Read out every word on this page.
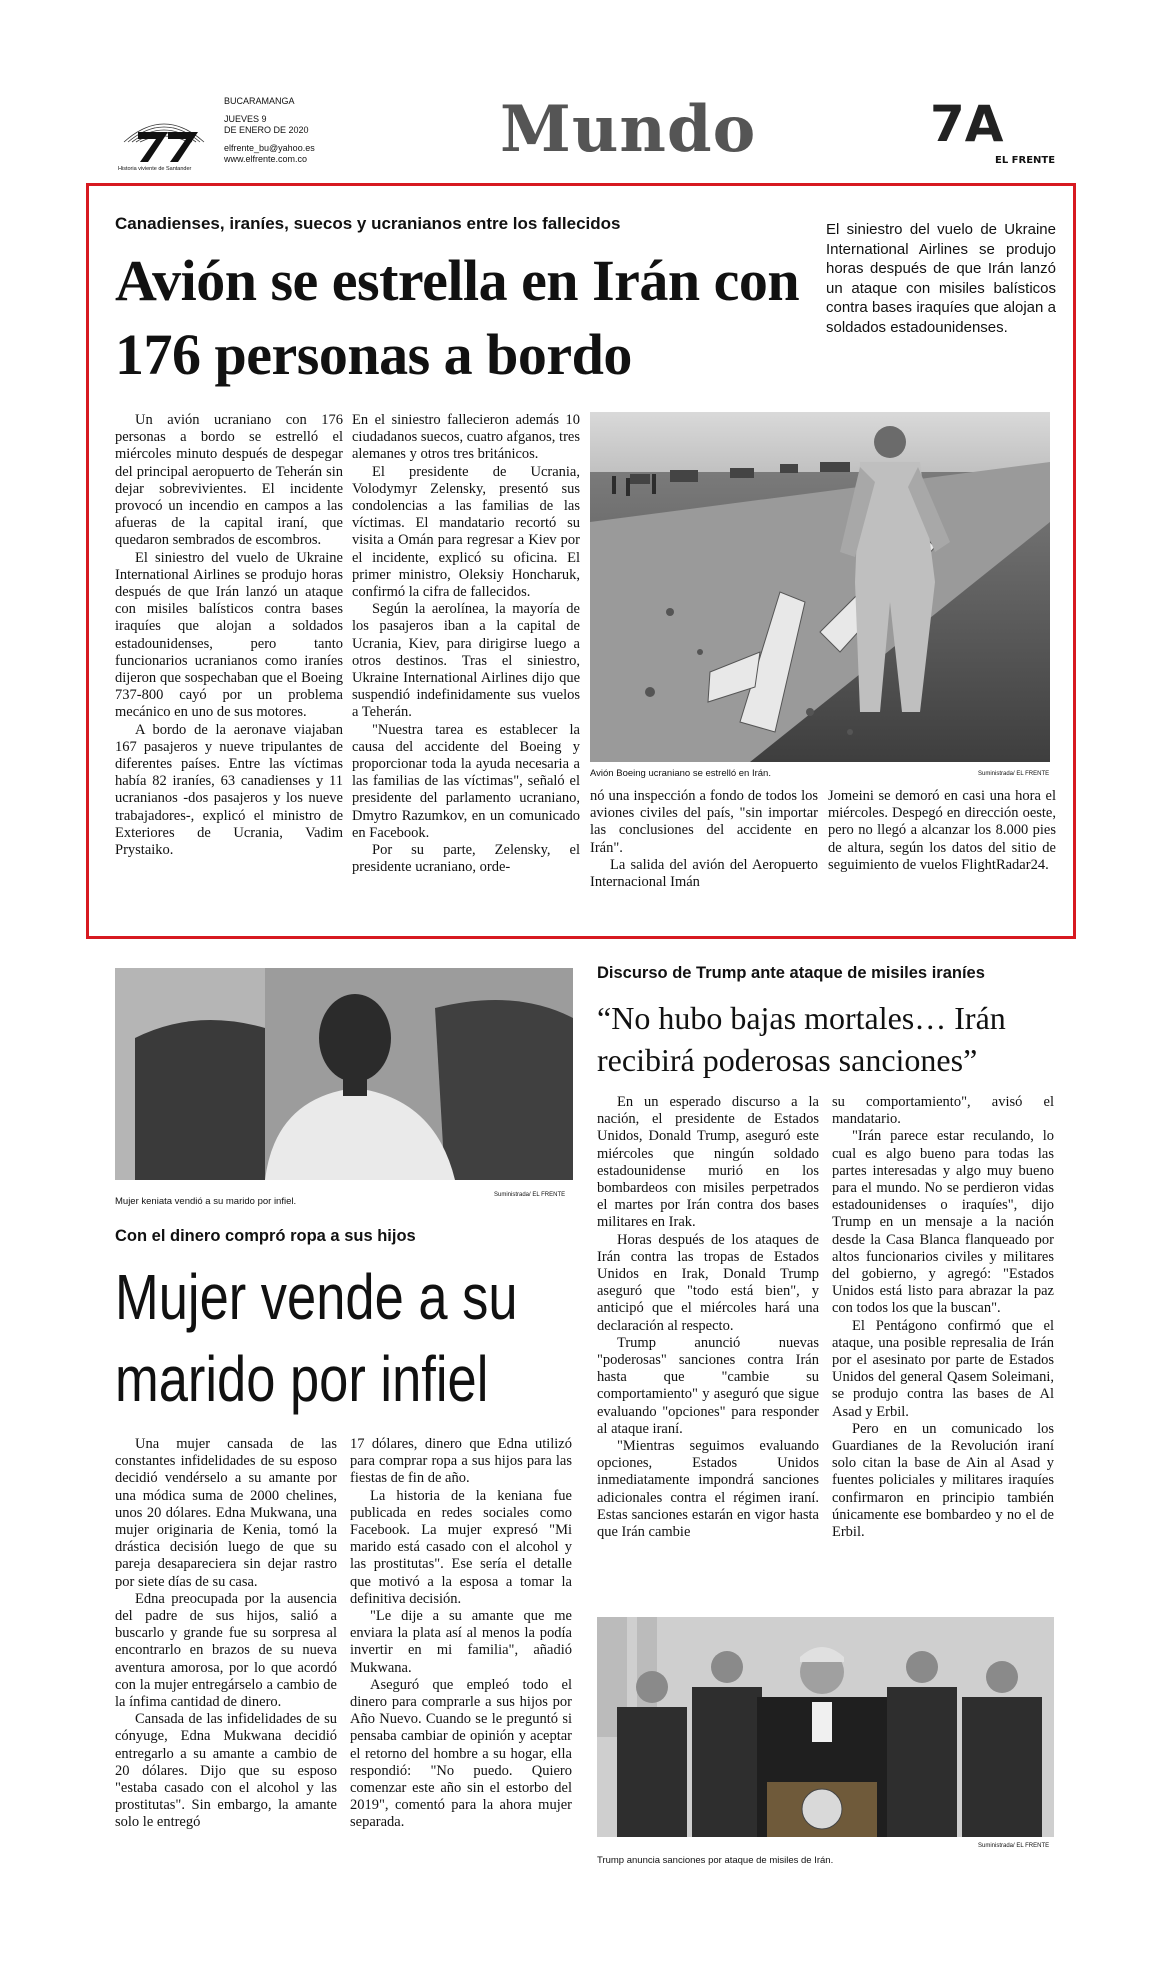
Historia viviente de Santander
BUCARAMANGA
JUEVES 9
DE ENERO DE 2020
elfrente_bu@yahoo.es
www.elfrente.com.co	Mundo	7A
EL FRENTE
Canadienses, iraníes, suecos y ucranianos entre los fallecidos
Avión se estrella en Irán con 176 personas a bordo
El siniestro del vuelo de Ukraine International Airlines se produjo horas después de que Irán lanzó un ataque con misiles balísticos contra bases iraquíes que alojan a soldados estadounidenses.

Un avión ucraniano con 176 personas a bordo se estrelló el miércoles minuto después de despegar del principal aeropuerto de Teherán sin dejar sobrevivientes. El incidente provocó un incendio en campos a las afueras de la capital iraní, que quedaron sembrados de escombros.

El siniestro del vuelo de Ukraine International Airlines se produjo horas después de que Irán lanzó un ataque con misiles balísticos contra bases iraquíes que alojan a soldados estadounidenses, pero tanto funcionarios ucranianos como iraníes dijeron que sospechaban que el Boeing 737-800 cayó por un problema mecánico en uno de sus motores.

A bordo de la aeronave viajaban 167 pasajeros y nueve tripulantes de diferentes países. Entre las víctimas había 82 iraníes, 63 canadienses y 11 ucranianos -dos pasajeros y los nueve trabajadores-, explicó el ministro de Exteriores de Ucrania, Vadim Prystaiko.

En el siniestro fallecieron además 10 ciudadanos suecos, cuatro afganos, tres alemanes y otros tres británicos.

El presidente de Ucrania, Volodymyr Zelensky, presentó sus condolencias a las familias de las víctimas. El mandatario recortó su visita a Omán para regresar a Kiev por el incidente, explicó su oficina. El primer ministro, Oleksiy Honcharuk, confirmó la cifra de fallecidos.

Según la aerolínea, la mayoría de los pasajeros iban a la capital de Ucrania, Kiev, para dirigirse luego a otros destinos. Tras el siniestro, Ukraine International Airlines dijo que suspendió indefinidamente sus vuelos a Teherán.

"Nuestra tarea es establecer la causa del accidente del Boeing y proporcionar toda la ayuda necesaria a las familias de las víctimas", señaló el presidente del parlamento ucraniano, Dmytro Razumkov, en un comunicado en Facebook.

Por su parte, Zelensky, el presidente ucraniano, orde-

Avión Boeing ucraniano se estrelló en Irán.	Suministrada/ EL FRENTE

nó una inspección a fondo de todos los aviones civiles del país, "sin importar las conclusiones del accidente en Irán".

La salida del avión del Aeropuerto Internacional Imán

Jomeini se demoró en casi una hora el miércoles. Despegó en dirección oeste, pero no llegó a alcanzar los 8.000 pies de altura, según los datos del sitio de seguimiento de vuelos FlightRadar24.

Mujer keniata vendió a su marido por infiel.
Suministrada/ EL FRENTE
Con el dinero compró ropa a sus hijos
Mujer vende a su marido por infiel

Una mujer cansada de las constantes infidelidades de su esposo decidió vendérselo a su amante por una módica suma de 2000 chelines, unos 20 dólares. Edna Mukwana, una mujer originaria de Kenia, tomó la drástica decisión luego de que su pareja desapareciera sin dejar rastro por siete días de su casa.

Edna preocupada por la ausencia del padre de sus hijos, salió a buscarlo y grande fue su sorpresa al encontrarlo en brazos de su nueva aventura amorosa, por lo que acordó con la mujer entregárselo a cambio de la ínfima cantidad de dinero.

Cansada de las infidelidades de su cónyuge, Edna Mukwana decidió entregarlo a su amante a cambio de 20 dólares. Dijo que su esposo "estaba casado con el alcohol y las prostitutas". Sin embargo, la amante solo le entregó

17 dólares, dinero que Edna utilizó para comprar ropa a sus hijos para las fiestas de fin de año.

La historia de la keniana fue publicada en redes sociales como Facebook. La mujer expresó "Mi marido está casado con el alcohol y las prostitutas". Ese sería el detalle que motivó a la esposa a tomar la definitiva decisión.

"Le dije a su amante que me enviara la plata así al menos la podía invertir en mi familia", añadió Mukwana.

Aseguró que empleó todo el dinero para comprarle a sus hijos por Año Nuevo. Cuando se le preguntó si pensaba cambiar de opinión y aceptar el retorno del hombre a su hogar, ella respondió: "No puedo. Quiero comenzar este año sin el estorbo del 2019", comentó para la ahora mujer separada.

Discurso de Trump ante ataque de misiles iraníes
“No hubo bajas mortales… Irán recibirá poderosas sanciones”

En un esperado discurso a la nación, el presidente de Estados Unidos, Donald Trump, aseguró este miércoles que ningún soldado estadounidense murió en los bombardeos con misiles perpetrados el martes por Irán contra dos bases militares en Irak.

Horas después de los ataques de Irán contra las tropas de Estados Unidos en Irak, Donald Trump aseguró que "todo está bien", y anticipó que el miércoles hará una declaración al respecto.

Trump anunció nuevas "poderosas" sanciones contra Irán hasta que "cambie su comportamiento" y aseguró que sigue evaluando "opciones" para responder al ataque iraní.

"Mientras seguimos evaluando opciones, Estados Unidos inmediatamente impondrá sanciones adicionales contra el régimen iraní. Estas sanciones estarán en vigor hasta que Irán cambie

su comportamiento", avisó el mandatario.

"Irán parece estar reculando, lo cual es algo bueno para todas las partes interesadas y algo muy bueno para el mundo. No se perdieron vidas estadounidenses o iraquíes", dijo Trump en un mensaje a la nación desde la Casa Blanca flanqueado por altos funcionarios civiles y militares del gobierno, y agregó: "Estados Unidos está listo para abrazar la paz con todos los que la buscan".

El Pentágono confirmó que el ataque, una posible represalia de Irán por el asesinato por parte de Estados Unidos del general Qasem Soleimani, se produjo contra las bases de Al Asad y Erbil.

Pero en un comunicado los Guardianes de la Revolución iraní solo citan la base de Ain al Asad y fuentes policiales y militares iraquíes confirmaron en principio también únicamente ese bombardeo y no el de Erbil.

Trump anuncia sanciones por ataque de misiles de Irán.
Suministrada/ EL FRENTE
